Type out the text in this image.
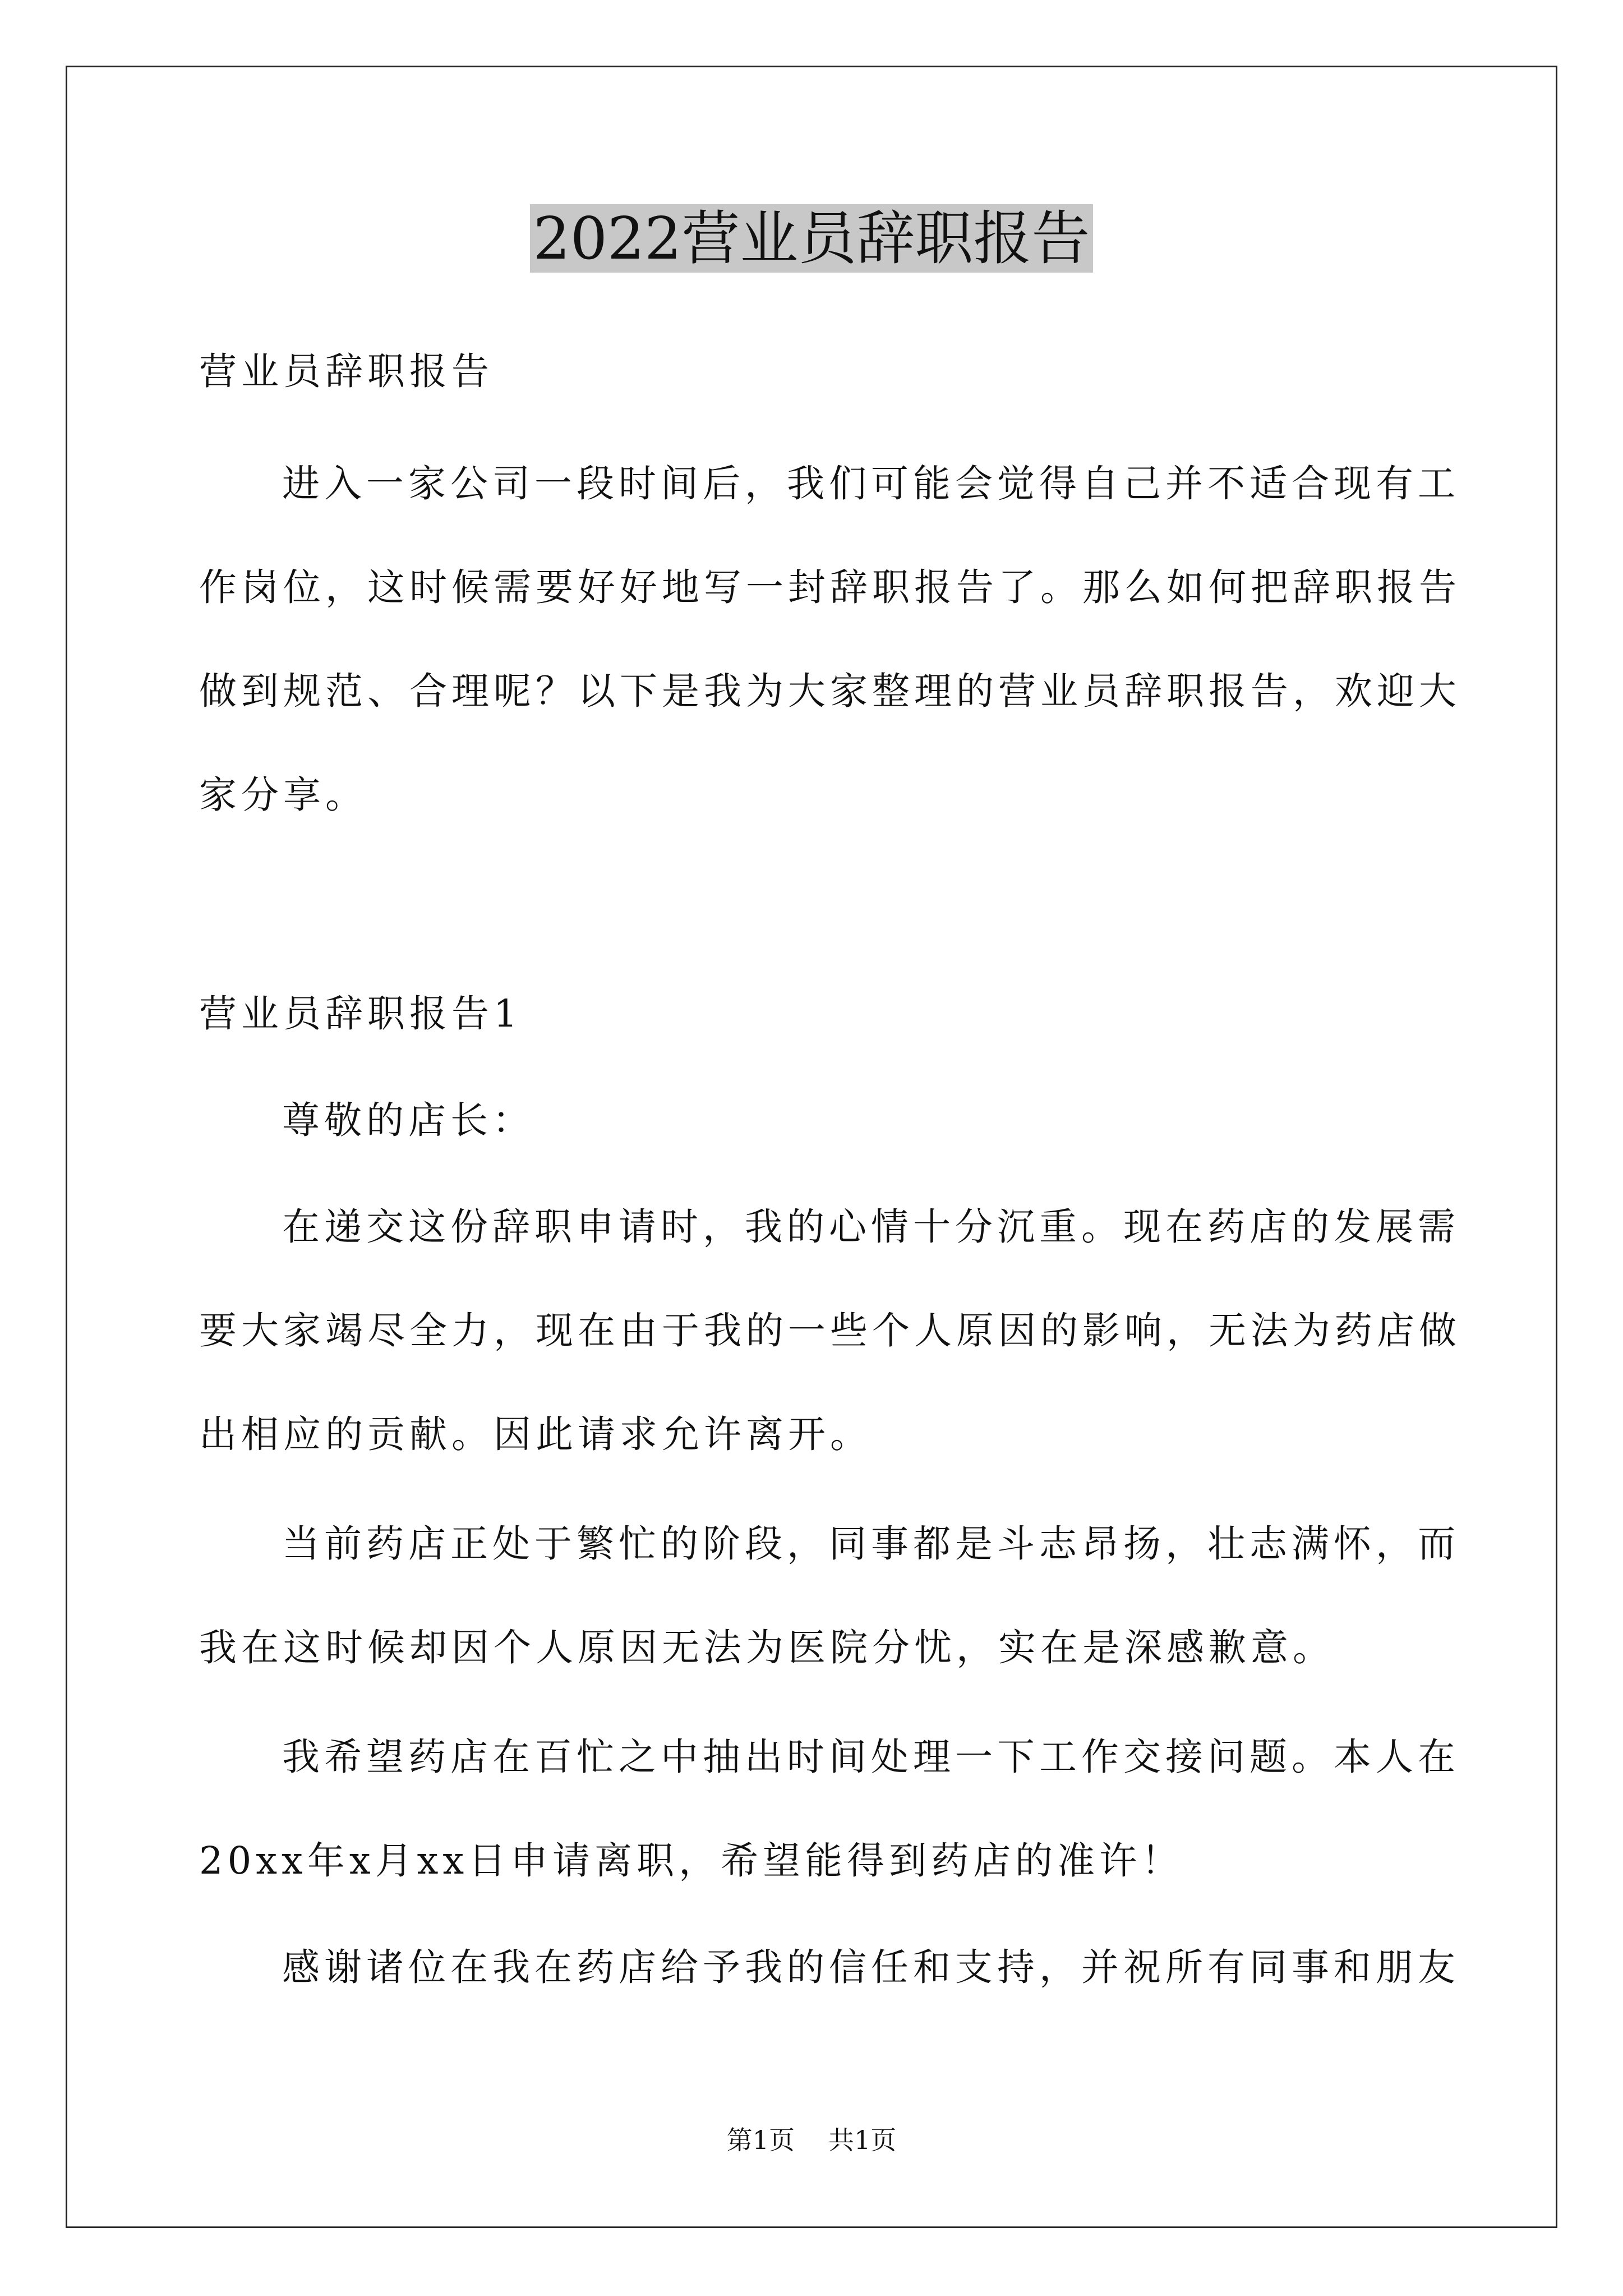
2022营业员辞职报告
营业员辞职报告
进入一家公司一段时间后，我们可能会觉得自己并不适合现有工
作岗位，这时候需要好好地写一封辞职报告了。那么如何把辞职报告
做到规范、合理呢？以下是我为大家整理的营业员辞职报告，欢迎大
家分享。
营业员辞职报告1
尊敬的店长：
在递交这份辞职申请时，我的心情十分沉重。现在药店的发展需
要大家竭尽全力，现在由于我的一些个人原因的影响，无法为药店做
出相应的贡献。因此请求允许离开。
当前药店正处于繁忙的阶段，同事都是斗志昂扬，壮志满怀，而
我在这时候却因个人原因无法为医院分忧，实在是深感歉意。
我希望药店在百忙之中抽出时间处理一下工作交接问题。本人在
20xx年x月xx日申请离职，希望能得到药店的准许！
感谢诸位在我在药店给予我的信任和支持，并祝所有同事和朋友
第1页 共1页
